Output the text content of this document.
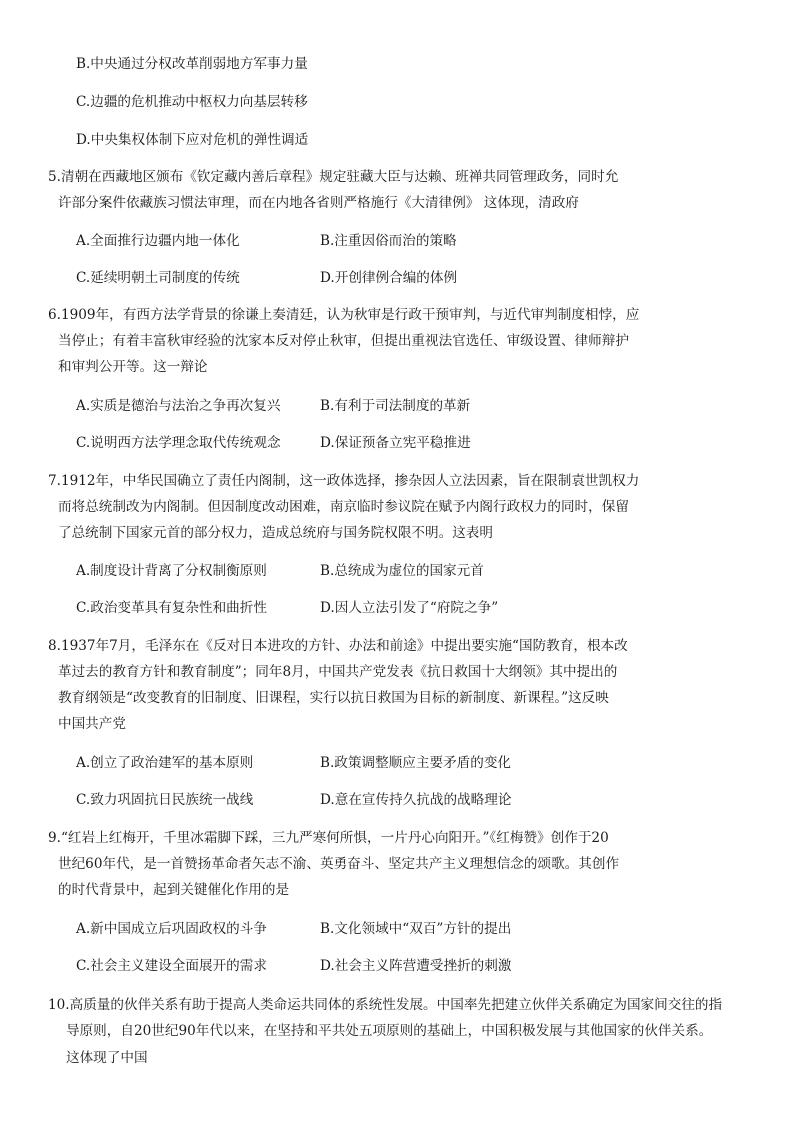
B.中央通过分权改革削弱地方军事力量
C.边疆的危机推动中枢权力向基层转移
D.中央集权体制下应对危机的弹性调适
5.清朝在西藏地区颁布《钦定藏内善后章程》规定驻藏大臣与达赖、班禅共同管理政务，同时允
许部分案件依藏族习惯法审理，而在内地各省则严格施行《大清律例》 这体现，清政府
A.全面推行边疆内地一体化	B.注重因俗而治的策略
C.延续明朝土司制度的传统	D.开创律例合编的体例
6.1909年，有西方法学背景的徐谦上奏清廷，认为秋审是行政干预审判，与近代审判制度相悖，应
当停止；有着丰富秋审经验的沈家本反对停止秋审，但提出重视法官选任、审级设置、律师辩护
和审判公开等。这一辩论
A.实质是德治与法治之争再次复兴	B.有利于司法制度的革新
C.说明西方法学理念取代传统观念	D.保证预备立宪平稳推进
7.1912年，中华民国确立了责任内阁制，这一政体选择，掺杂因人立法因素，旨在限制袁世凯权力
而将总统制改为内阁制。但因制度改动困难，南京临时参议院在赋予内阁行政权力的同时，保留
了总统制下国家元首的部分权力，造成总统府与国务院权限不明。这表明
A.制度设计背离了分权制衡原则	B.总统成为虚位的国家元首
C.政治变革具有复杂性和曲折性	D.因人立法引发了“府院之争”
8.1937年7月，毛泽东在《反对日本进攻的方针、办法和前途》中提出要实施“国防教育，根本改
革过去的教育方针和教育制度”；同年8月，中国共产党发表《抗日救国十大纲领》其中提出的
教育纲领是“改变教育的旧制度、旧课程，实行以抗日救国为目标的新制度、新课程。”这反映
中国共产党
A.创立了政治建军的基本原则	B.政策调整顺应主要矛盾的变化
C.致力巩固抗日民族统一战线	D.意在宣传持久抗战的战略理论
9.“红岩上红梅开，千里冰霜脚下踩，三九严寒何所惧，一片丹心向阳开。”《红梅赞》创作于20
世纪60年代，是一首赞扬革命者矢志不渝、英勇奋斗、坚定共产主义理想信念的颂歌。其创作
的时代背景中，起到关键催化作用的是
A.新中国成立后巩固政权的斗争	B.文化领域中“双百”方针的提出
C.社会主义建设全面展开的需求	D.社会主义阵营遭受挫折的刺激
10.高质量的伙伴关系有助于提高人类命运共同体的系统性发展。中国率先把建立伙伴关系确定为国家间交往的指
导原则，自20世纪90年代以来，在坚持和平共处五项原则的基础上，中国积极发展与其他国家的伙伴关系。
这体现了中国
